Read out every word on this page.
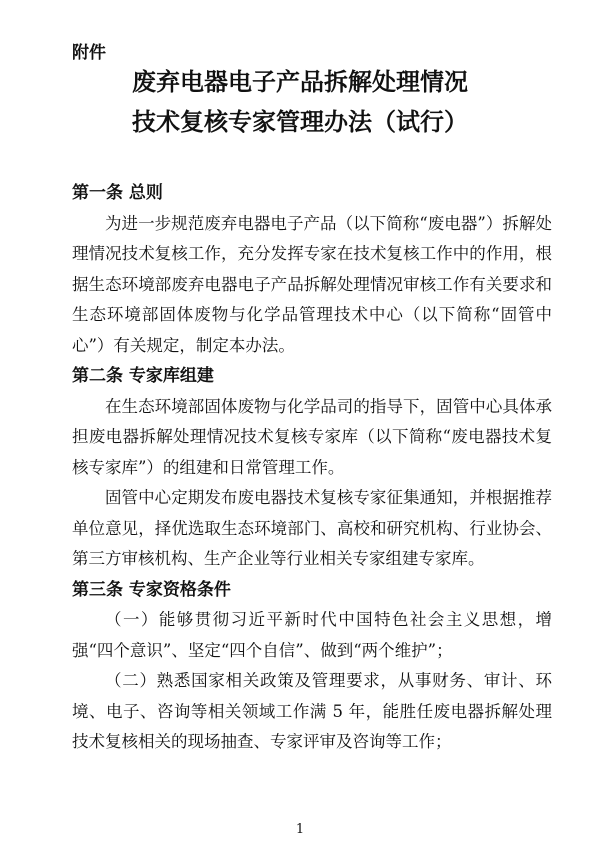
附件
废弃电器电子产品拆解处理情况
技术复核专家管理办法（试行）
第一条 总则

为进一步规范废弃电器电子产品（以下简称“废电器”）拆解处理情况技术复核工作，充分发挥专家在技术复核工作中的作用，根据生态环境部废弃电器电子产品拆解处理情况审核工作有关要求和生态环境部固体废物与化学品管理技术中心（以下简称“固管中心”）有关规定，制定本办法。

第二条 专家库组建

在生态环境部固体废物与化学品司的指导下，固管中心具体承担废电器拆解处理情况技术复核专家库（以下简称“废电器技术复核专家库”）的组建和日常管理工作。

固管中心定期发布废电器技术复核专家征集通知，并根据推荐单位意见，择优选取生态环境部门、高校和研究机构、行业协会、第三方审核机构、生产企业等行业相关专家组建专家库。

第三条 专家资格条件

（一）能够贯彻习近平新时代中国特色社会主义思想，增强“四个意识”、坚定“四个自信”、做到“两个维护”；

（二）熟悉国家相关政策及管理要求，从事财务、审计、环境、电子、咨询等相关领域工作满 5 年，能胜任废电器拆解处理技术复核相关的现场抽查、专家评审及咨询等工作；

1
